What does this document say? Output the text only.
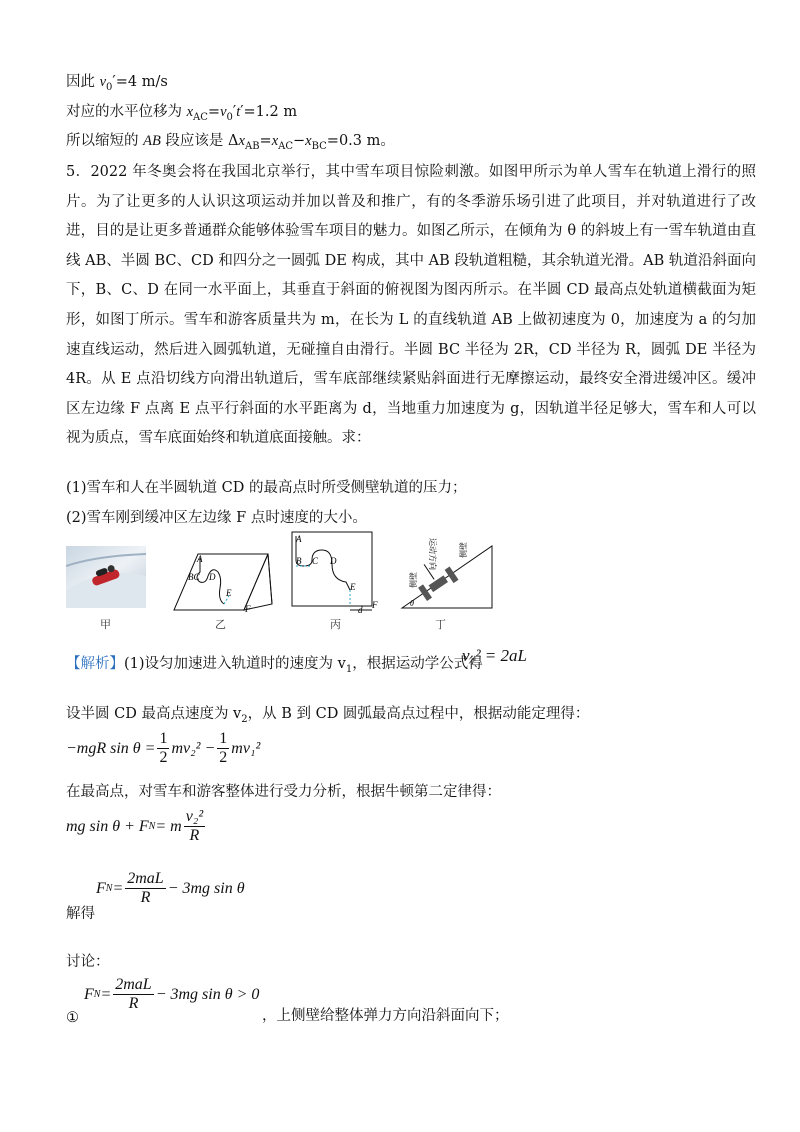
因此 $v_0'=4$ m/s
对应的水平位移为 $x_{AC}=v_0't'=1.2$ m
所以缩短的 AB 段应该是 $\Delta x_{AB}=x_{AC}-x_{BC}=0.3$ m。
5．2022 年冬奥会将在我国北京举行，其中雪车项目惊险刺激。如图甲所示为单人雪车在轨道上滑行的照片。为了让更多的人认识这项运动并加以普及和推广，有的冬季游乐场引进了此项目，并对轨道进行了改进，目的是让更多普通群众能够体验雪车项目的魅力。如图乙所示，在倾角为 θ 的斜坡上有一雪车轨道由直线 AB、半圆 BC、CD 和四分之一圆弧 DE 构成，其中 AB 段轨道粗糙，其余轨道光滑。AB 轨道沿斜面向下，B、C、D 在同一水平面上，其垂直于斜面的俯视图为图丙所示。在半圆 CD 最高点处轨道横截面为矩形，如图丁所示。雪车和游客质量共为 m，在长为 L 的直线轨道 AB 上做初速度为 0，加速度为 a 的匀加速直线运动，然后进入圆弧轨道，无碰撞自由滑行。半圆 BC 半径为 2R，CD 半径为 R，圆弧 DE 半径为 4R。从 E 点沿切线方向滑出轨道后，雪车底部继续紧贴斜面进行无摩擦运动，最终安全滑进缓冲区。缓冲区左边缘 F 点离 E 点平行斜面的水平距离为 d，当地重力加速度为 g，因轨道半径足够大，雪车和人可以视为质点，雪车底面始终和轨道底面接触。求：
(1)雪车和人在半圆轨道 CD 的最高点时所受侧壁轨道的压力；
(2)雪车刚到缓冲区左边缘 F 点时速度的大小。
甲
A
BC D
E
F
乙
A
B C D
E
F
d
丙
侧壁
侧壁
运动方向
θ
丁
【解析】(1)设匀加速进入轨道时的速度为 $v_1$，根据运动学公式得
v₁² = 2aL
设半圆 CD 最高点速度为 $v_2$，从 B 到 CD 圆弧最高点过程中，根据动能定理得：
−mgR $\sin \theta = \frac{1}{2} mv_2^2 - \frac{1}{2} mv_1^2$
在最高点，对雪车和游客整体进行受力分析，根据牛顿第二定律得：
mg sin θ + F N = m $\frac{\text{v₂²}}{R}$
解得
F $N = \frac{\text{2maL}}{R} - 3mg$ sin θ
讨论：
①
F $N = \frac{\text{2maL}}{R} - 3mg$ sin θ > 0
，上侧壁给整体弹力方向沿斜面向下；
